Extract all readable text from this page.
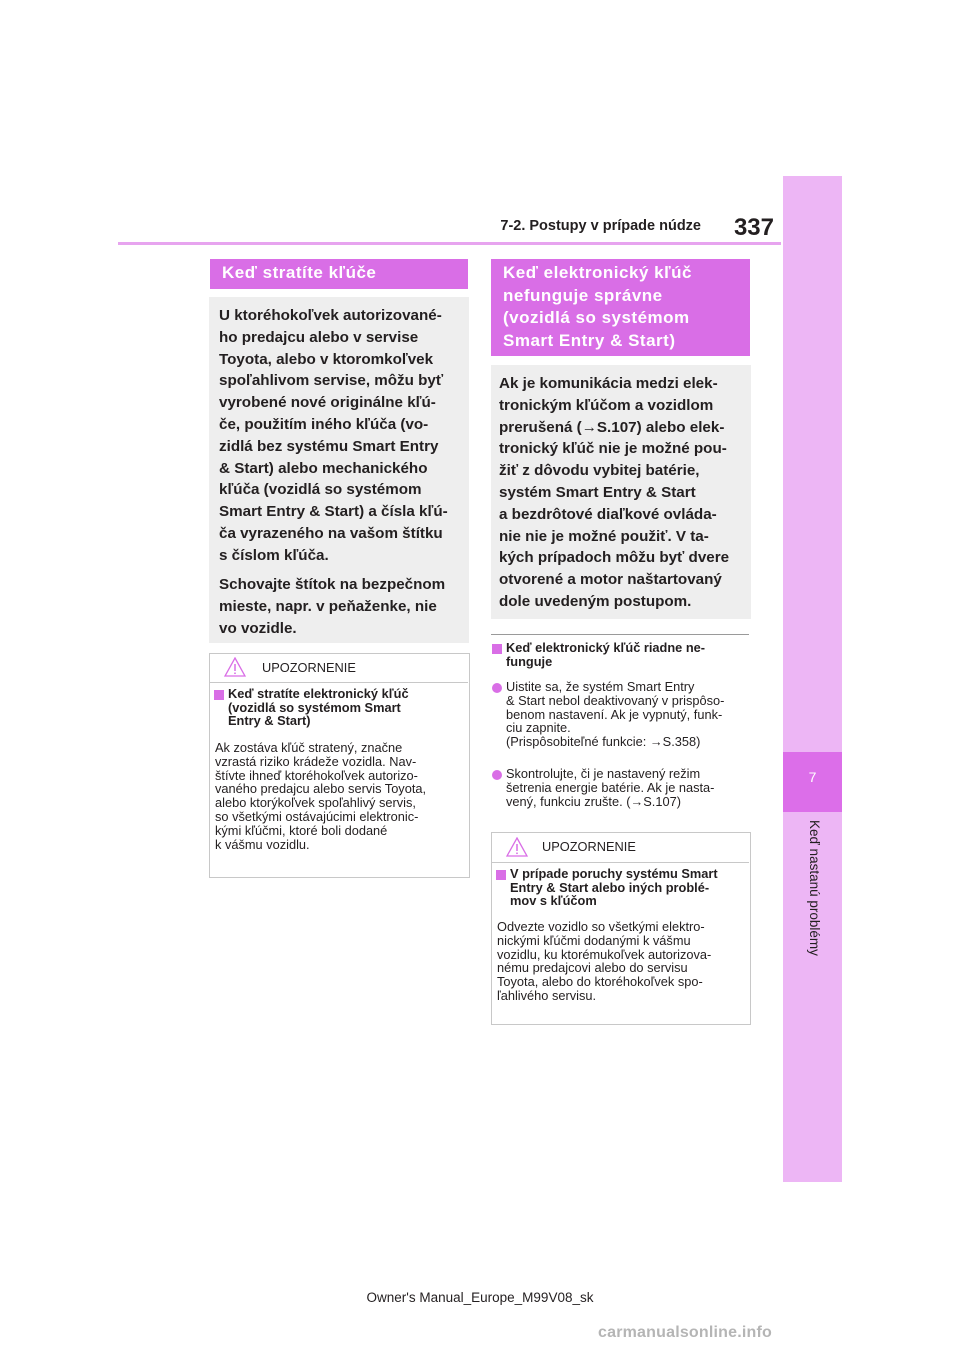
7-2. Postupy v prípade núdze	337
7
Keď nastanú problémy
Keď stratíte kľúče
U ktoréhokoľvek autorizované-
ho predajcu alebo v servise
Toyota, alebo v ktoromkoľvek
spoľahlivom servise, môžu byť
vyrobené nové originálne kľú-
če, použitím iného kľúča (vo-
zidlá bez systému Smart Entry
& Start) alebo mechanického
kľúča (vozidlá so systémom
Smart Entry & Start) a čísla kľú-
ča vyrazeného na vašom štítku
s číslom kľúča.
Schovajte štítok na bezpečnom
mieste, napr. v peňaženke, nie
vo vozidle.
UPOZORNENIE
Keď stratíte elektronický kľúč
(vozidlá so systémom Smart
Entry & Start)
Ak zostáva kľúč stratený, značne
vzrastá riziko krádeže vozidla. Nav-
štívte ihneď ktoréhokoľvek autorizo-
vaného predajcu alebo servis Toyota,
alebo ktorýkoľvek spoľahlivý servis,
so všetkými ostávajúcimi elektronic-
kými kľúčmi, ktoré boli dodané
k vášmu vozidlu.
Keď elektronický kľúč
nefunguje správne
(vozidlá so systémom
Smart Entry & Start)
Ak je komunikácia medzi elek-
tronickým kľúčom a vozidlom
prerušená (→S.107) alebo elek-
tronický kľúč nie je možné pou-
žiť z dôvodu vybitej batérie,
systém Smart Entry & Start
a bezdrôtové diaľkové ovláda-
nie nie je možné použiť. V ta-
kých prípadoch môžu byť dvere
otvorené a motor naštartovaný
dole uvedeným postupom.
Keď elektronický kľúč riadne ne-
funguje
Uistite sa, že systém Smart Entry
& Start nebol deaktivovaný v prispôso-
benom nastavení. Ak je vypnutý, funk-
ciu zapnite.
(Prispôsobiteľné funkcie: →S.358)
Skontrolujte, či je nastavený režim
šetrenia energie batérie. Ak je nasta-
vený, funkciu zrušte. (→S.107)
UPOZORNENIE
V prípade poruchy systému Smart
Entry & Start alebo iných problé-
mov s kľúčom
Odvezte vozidlo so všetkými elektro-
nickými kľúčmi dodanými k vášmu
vozidlu, ku ktorémukoľvek autorizova-
nému predajcovi alebo do servisu
Toyota, alebo do ktoréhokoľvek spo-
ľahlivého servisu.
Owner's Manual_Europe_M99V08_sk
carmanualsonline.info
